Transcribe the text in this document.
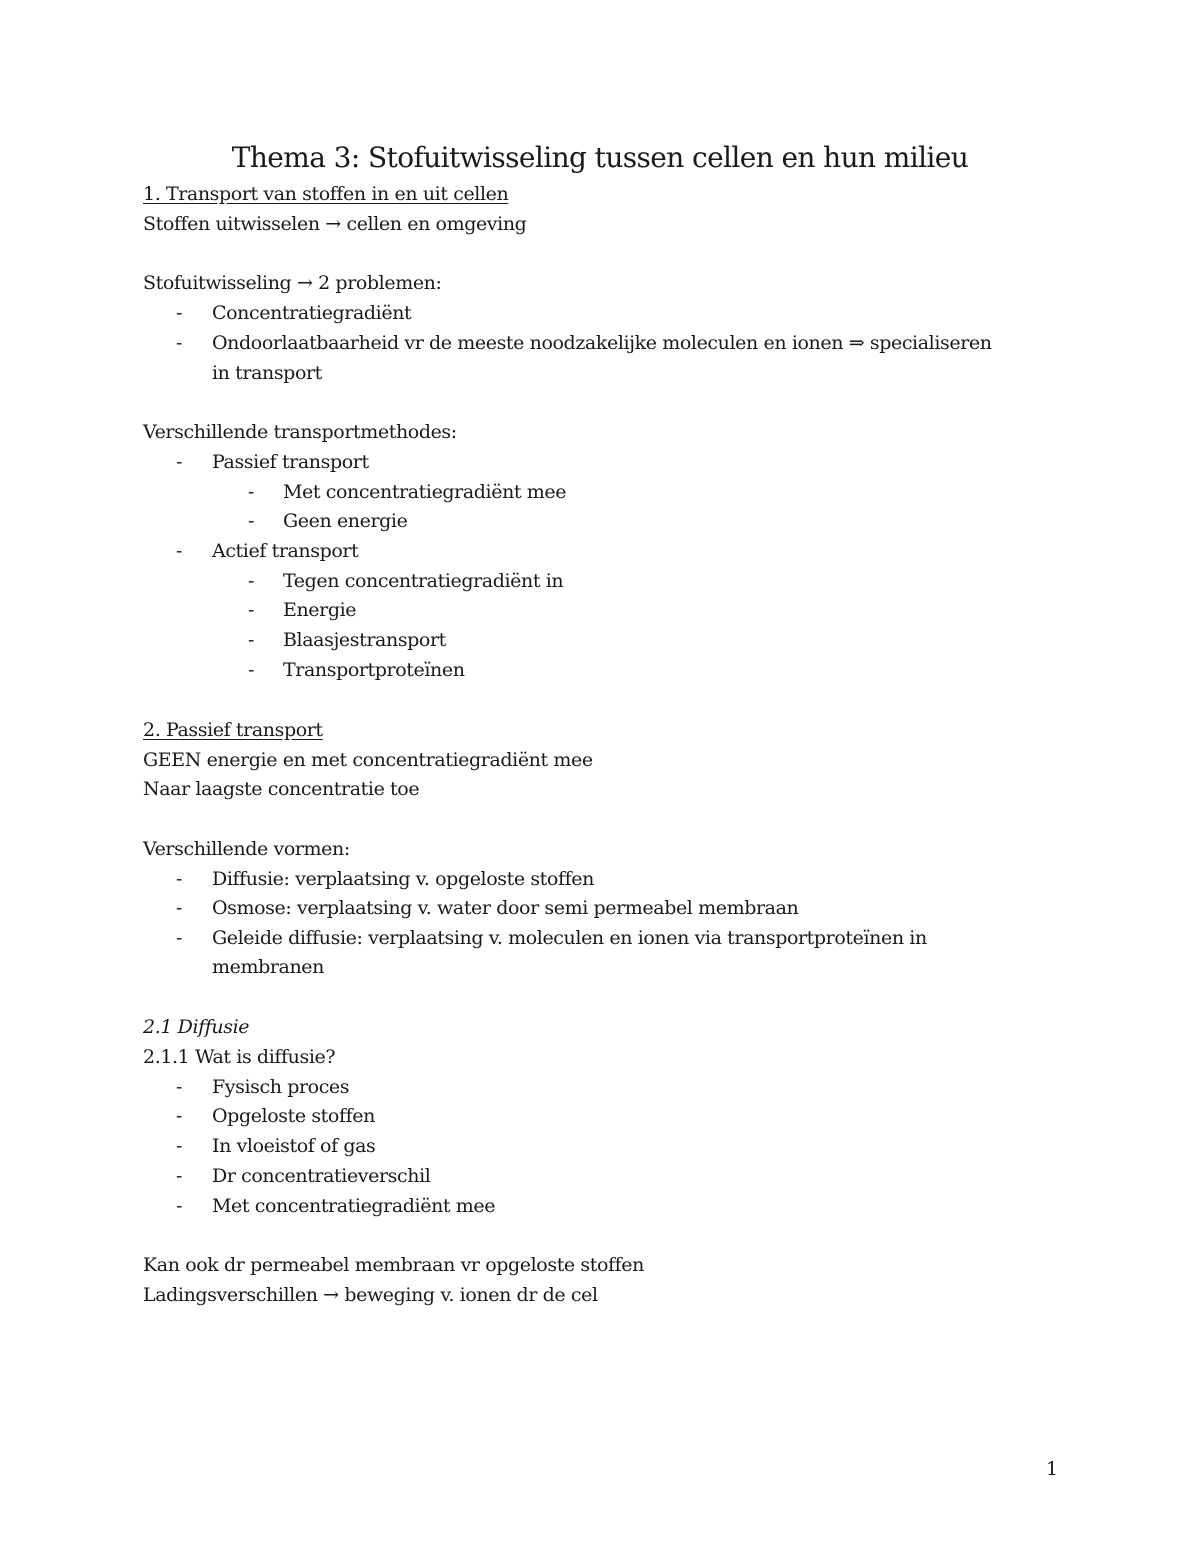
Thema 3: Stofuitwisseling tussen cellen en hun milieu
1. Transport van stoffen in en uit cellen
Stoffen uitwisselen → cellen en omgeving
Stofuitwisseling → 2 problemen:
- Concentratiegradiënt
- Ondoorlaatbaarheid vr de meeste noodzakelijke moleculen en ionen ⇒ specialiseren
in transport
Verschillende transportmethodes:
- Passief transport
- Met concentratiegradiënt mee
- Geen energie
- Actief transport
- Tegen concentratiegradiënt in
- Energie
- Blaasjestransport
- Transportproteïnen
2. Passief transport
GEEN energie en met concentratiegradiënt mee
Naar laagste concentratie toe
Verschillende vormen:
- Diffusie: verplaatsing v. opgeloste stoffen
- Osmose: verplaatsing v. water door semi permeabel membraan
- Geleide diffusie: verplaatsing v. moleculen en ionen via transportproteïnen in
membranen
2.1 Diffusie
2.1.1 Wat is diffusie?
- Fysisch proces
- Opgeloste stoffen
- In vloeistof of gas
- Dr concentratieverschil
- Met concentratiegradiënt mee
Kan ook dr permeabel membraan vr opgeloste stoffen
Ladingsverschillen → beweging v. ionen dr de cel
1
